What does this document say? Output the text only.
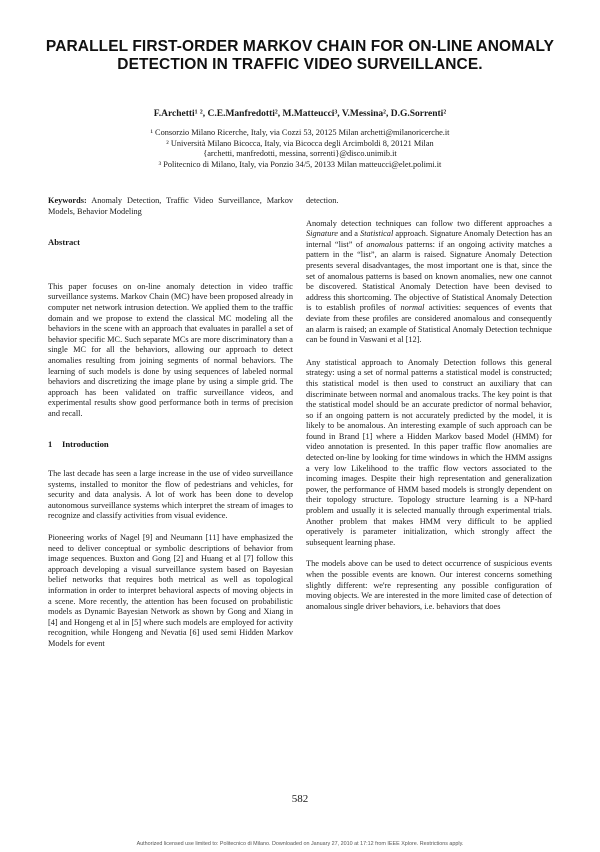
PARALLEL FIRST-ORDER MARKOV CHAIN FOR ON-LINE ANOMALY DETECTION IN TRAFFIC VIDEO SURVEILLANCE.

F.Archetti¹ ², C.E.Manfredotti², M.Matteucci³, V.Messina², D.G.Sorrenti²

¹ Consorzio Milano Ricerche, Italy, via Cozzi 53, 20125 Milan archetti@milanoricerche.it
² Università Milano Bicocca, Italy, via Bicocca degli Arcimboldi 8, 20121 Milan
{archetti, manfredotti, messina, sorrenti}@disco.unimib.it
³ Politecnico di Milano, Italy, via Ponzio 34/5, 20133 Milan matteucci@elet.polimi.it

Keywords: Anomaly Detection, Traffic Video Surveillance, Markov Models, Behavior Modeling

Abstract

This paper focuses on on-line anomaly detection in video traffic surveillance systems. Markov Chain (MC) have been proposed already in computer net network intrusion detection. We applied them to the traffic domain and we propose to extend the classical MC modeling all the behaviors in the scene with an approach that evaluates in parallel a set of behavior specific MC. Such separate MCs are more discriminatory than a single MC for all the behaviors, allowing our approach to detect anomalies resulting from joining segments of normal behaviors. The learning of such models is done by using sequences of labeled normal behaviors and discretizing the image plane by using a simple grid. The approach has been validated on traffic surveillance videos, and experimental results show good performance both in terms of precision and recall.

1 Introduction

The last decade has seen a large increase in the use of video surveillance systems, installed to monitor the flow of pedestrians and vehicles, for security and data analysis. A lot of work has been done to develop autonomous surveillance systems which interpret the stream of images to recognize and classify activities from visual evidence.

Pioneering works of Nagel [9] and Neumann [11] have emphasized the need to deliver conceptual or symbolic descriptions of behavior from image sequences. Buxton and Gong [2] and Huang et al [7] follow this approach developing a visual surveillance system based on Bayesian belief networks that requires both metrical as well as topological information in order to interpret behavioral aspects of moving objects in a scene. More recently, the attention has been focused on probabilistic models as Dynamic Bayesian Network as shown by Gong and Xiang in [4] and Hongeng et al in [5] where such models are employed for activity recognition, while Hongeng and Nevatia [6] used semi Hidden Markov Models for event

detection.

Anomaly detection techniques can follow two different approaches a Signature and a Statistical approach. Signature Anomaly Detection has an internal “list” of anomalous patterns: if an ongoing activity matches a pattern in the “list”, an alarm is raised. Signature Anomaly Detection presents several disadvantages, the most important one is that, since the set of anomalous patterns is based on known anomalies, new one cannot be discovered. Statistical Anomaly Detection have been devised to address this shortcoming. The objective of Statistical Anomaly Detection is to establish profiles of normal activities: sequences of events that deviate from these profiles are considered anomalous and consequently an alarm is raised; an example of Statistical Anomaly Detection technique can be found in Vaswani et al [12].

Any statistical approach to Anomaly Detection follows this general strategy: using a set of normal patterns a statistical model is constructed; this statistical model is then used to construct an auxiliary that can discriminate between normal and anomalous tracks. The key point is that the statistical model should be an accurate predictor of normal behavior, so if an ongoing pattern is not accurately predicted by the model, it is likely to be anomalous. An interesting example of such approach can be found in Brand [1] where a Hidden Markov based Model (HMM) for video annotation is presented. In this paper traffic flow anomalies are detected on-line by looking for time windows in which the HMM assigns a very low Likelihood to the traffic flow vectors associated to the incoming images. Despite their high representation and generalization power, the performance of HMM based models is strongly dependent on their topology structure. Topology structure learning is a NP-hard problem and usually it is selected manually through experimental trials. Another problem that makes HMM very difficult to be applied operatively is parameter initialization, which strongly affect the subsequent learning phase.

The models above can be used to detect occurrence of suspicious events when the possible events are known. Our interest concerns something slightly different: we're representing any possible configuration of moving objects. We are interested in the more limited case of detection of anomalous single driver behaviors, i.e. behaviors that does

582

Authorized licensed use limited to: Politecnico di Milano. Downloaded on January 27, 2010 at 17:12 from IEEE Xplore. Restrictions apply.
